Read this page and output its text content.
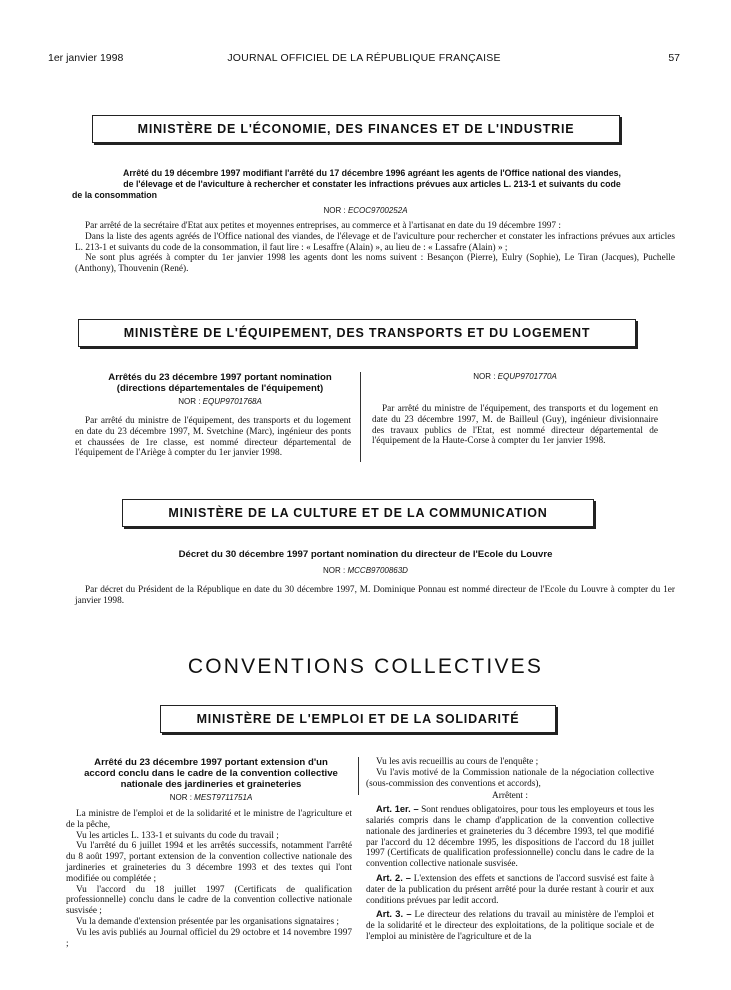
1er janvier 1998	JOURNAL OFFICIEL DE LA RÉPUBLIQUE FRANÇAISE	57
MINISTÈRE DE L'ÉCONOMIE, DES FINANCES ET DE L'INDUSTRIE
Arrêté du 19 décembre 1997 modifiant l'arrêté du 17 décembre 1996 agréant les agents de l'Office national des viandes,
de l'élevage et de l'aviculture à rechercher et constater les infractions prévues aux articles L. 213-1 et suivants du code
de la consommation
NOR : ECOC9700252A

Par arrêté de la secrétaire d'Etat aux petites et moyennes entreprises, au commerce et à l'artisanat en date du 19 décembre 1997 :

Dans la liste des agents agréés de l'Office national des viandes, de l'élevage et de l'aviculture pour rechercher et constater les infractions prévues aux articles L. 213-1 et suivants du code de la consommation, il faut lire : « Lesaffre (Alain) », au lieu de : « Lassafre (Alain) » ;

Ne sont plus agréés à compter du 1er janvier 1998 les agents dont les noms suivent : Besançon (Pierre), Eulry (Sophie), Le Tiran (Jacques), Puchelle (Anthony), Thouvenin (René).

MINISTÈRE DE L'ÉQUIPEMENT, DES TRANSPORTS ET DU LOGEMENT
Arrêtés du 23 décembre 1997 portant nomination
(directions départementales de l'équipement)
NOR : EQUP9701768A

Par arrêté du ministre de l'équipement, des transports et du logement en date du 23 décembre 1997, M. Svetchine (Marc), ingénieur des ponts et chaussées de 1re classe, est nommé directeur départemental de l'équipement de l'Ariège à compter du 1er janvier 1998.

NOR : EQUP9701770A

Par arrêté du ministre de l'équipement, des transports et du logement en date du 23 décembre 1997, M. de Bailleul (Guy), ingénieur divisionnaire des travaux publics de l'Etat, est nommé directeur départemental de l'équipement de la Haute-Corse à compter du 1er janvier 1998.

MINISTÈRE DE LA CULTURE ET DE LA COMMUNICATION
Décret du 30 décembre 1997 portant nomination du directeur de l'Ecole du Louvre
NOR : MCCB9700863D

Par décret du Président de la République en date du 30 décembre 1997, M. Dominique Ponnau est nommé directeur de l'Ecole du Louvre à compter du 1er janvier 1998.

CONVENTIONS COLLECTIVES
MINISTÈRE DE L'EMPLOI ET DE LA SOLIDARITÉ
Arrêté du 23 décembre 1997 portant extension d'un
accord conclu dans le cadre de la convention collective
nationale des jardineries et graineteries
NOR : MEST9711751A

La ministre de l'emploi et de la solidarité et le ministre de l'agriculture et de la pêche,

Vu les articles L. 133-1 et suivants du code du travail ;

Vu l'arrêté du 6 juillet 1994 et les arrêtés successifs, notamment l'arrêté du 8 août 1997, portant extension de la convention collective nationale des jardineries et graineteries du 3 décembre 1993 et des textes qui l'ont modifiée ou complétée ;

Vu l'accord du 18 juillet 1997 (Certificats de qualification professionnelle) conclu dans le cadre de la convention collective nationale susvisée ;

Vu la demande d'extension présentée par les organisations signataires ;

Vu les avis publiés au Journal officiel du 29 octobre et 14 novembre 1997 ;

Vu les avis recueillis au cours de l'enquête ;

Vu l'avis motivé de la Commission nationale de la négociation collective (sous-commission des conventions et accords),

Arrêtent :

Art. 1er. – Sont rendues obligatoires, pour tous les employeurs et tous les salariés compris dans le champ d'application de la convention collective nationale des jardineries et graineteries du 3 décembre 1993, tel que modifié par l'accord du 12 décembre 1995, les dispositions de l'accord du 18 juillet 1997 (Certificats de qualification professionnelle) conclu dans le cadre de la convention collective nationale susvisée.

Art. 2. – L'extension des effets et sanctions de l'accord susvisé est faite à dater de la publication du présent arrêté pour la durée restant à courir et aux conditions prévues par ledit accord.

Art. 3. – Le directeur des relations du travail au ministère de l'emploi et de la solidarité et le directeur des exploitations, de la politique sociale et de l'emploi au ministère de l'agriculture et de la
